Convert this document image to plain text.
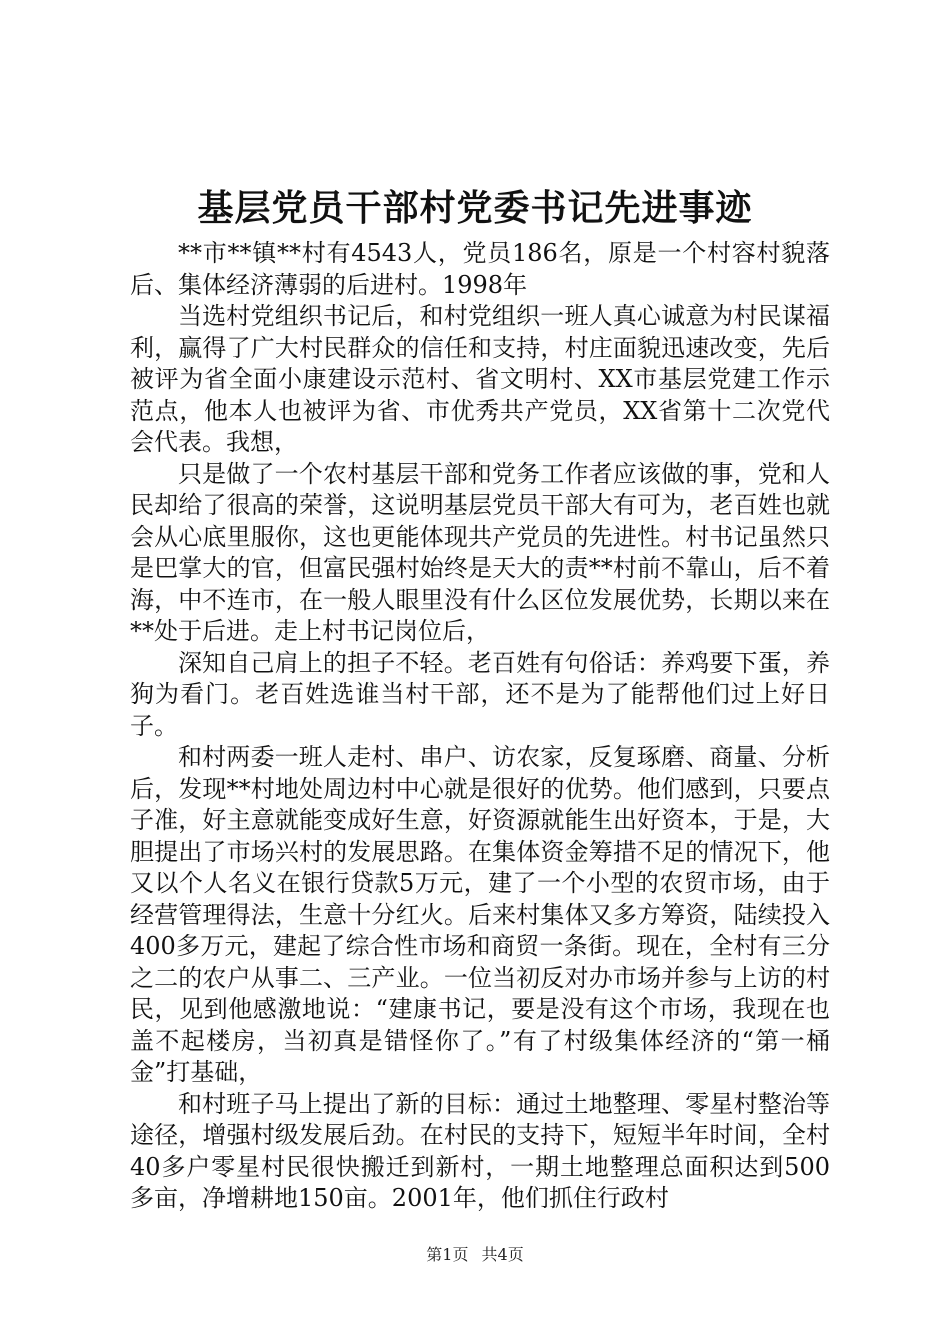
基层党员干部村党委书记先进事迹

**市**镇**村有4543人，党员186名，原是一个村容村貌落后、集体经济薄弱的后进村。1998年

当选村党组织书记后，和村党组织一班人真心诚意为村民谋福利，赢得了广大村民群众的信任和支持，村庄面貌迅速改变，先后被评为省全面小康建设示范村、省文明村、XX市基层党建工作示范点，他本人也被评为省、市优秀共产党员，XX省第十二次党代会代表。我想，

只是做了一个农村基层干部和党务工作者应该做的事，党和人民却给了很高的荣誉，这说明基层党员干部大有可为，老百姓也就会从心底里服你，这也更能体现共产党员的先进性。村书记虽然只是巴掌大的官，但富民强村始终是天大的责**村前不靠山，后不着海，中不连市，在一般人眼里没有什么区位发展优势，长期以来在**处于后进。走上村书记岗位后，

深知自己肩上的担子不轻。老百姓有句俗话：养鸡要下蛋，养狗为看门。老百姓选谁当村干部，还不是为了能帮他们过上好日子。

和村两委一班人走村、串户、访农家，反复琢磨、商量、分析后，发现**村地处周边村中心就是很好的优势。他们感到，只要点子准，好主意就能变成好生意，好资源就能生出好资本，于是，大胆提出了市场兴村的发展思路。在集体资金筹措不足的情况下，他又以个人名义在银行贷款5万元，建了一个小型的农贸市场，由于经营管理得法，生意十分红火。后来村集体又多方筹资，陆续投入400多万元，建起了综合性市场和商贸一条街。现在，全村有三分之二的农户从事二、三产业。一位当初反对办市场并参与上访的村民，见到他感激地说：“建康书记，要是没有这个市场，我现在也盖不起楼房，当初真是错怪你了。”有了村级集体经济的“第一桶金”打基础，

和村班子马上提出了新的目标：通过土地整理、零星村整治等途径，增强村级发展后劲。在村民的支持下，短短半年时间，全村40多户零星村民很快搬迁到新村，一期土地整理总面积达到500多亩，净增耕地150亩。2001年，他们抓住行政村

第1页 共4页
